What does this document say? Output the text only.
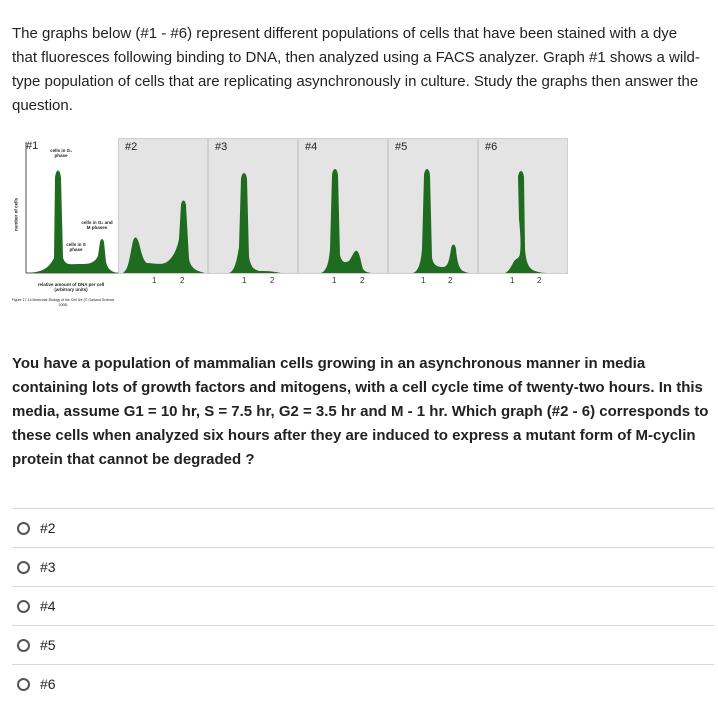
The graphs below (#1 - #6) represent different populations of cells that have been stained with a dye that fluoresces following binding to DNA, then analyzed using a FACS analyzer. Graph #1 shows a wild-type population of cells that are replicating asynchronously in culture. Study the graphs then answer the question.

#1	cells in G₁ phase
cells in G₂ and M phases
cells in S phase
number of cells
#2	#3	#4	#5	#6
1	2	1	2	1	2	1	2	1	2
relative amount of DNA per cell (arbitrary units)
Figure 17-14 Molecular Biology of the Cell 5/e (© Garland Science 2008)

You have a population of mammalian cells growing in an asynchronous manner in media containing lots of growth factors and mitogens, with a cell cycle time of twenty-two hours. In this media, assume G1 = 10 hr, S = 7.5 hr, G2 = 3.5 hr and M - 1 hr. Which graph (#2 - 6) corresponds to these cells when analyzed six hours after they are induced to express a mutant form of M-cyclin protein that cannot be degraded ?

#2
#3
#4
#5
#6
